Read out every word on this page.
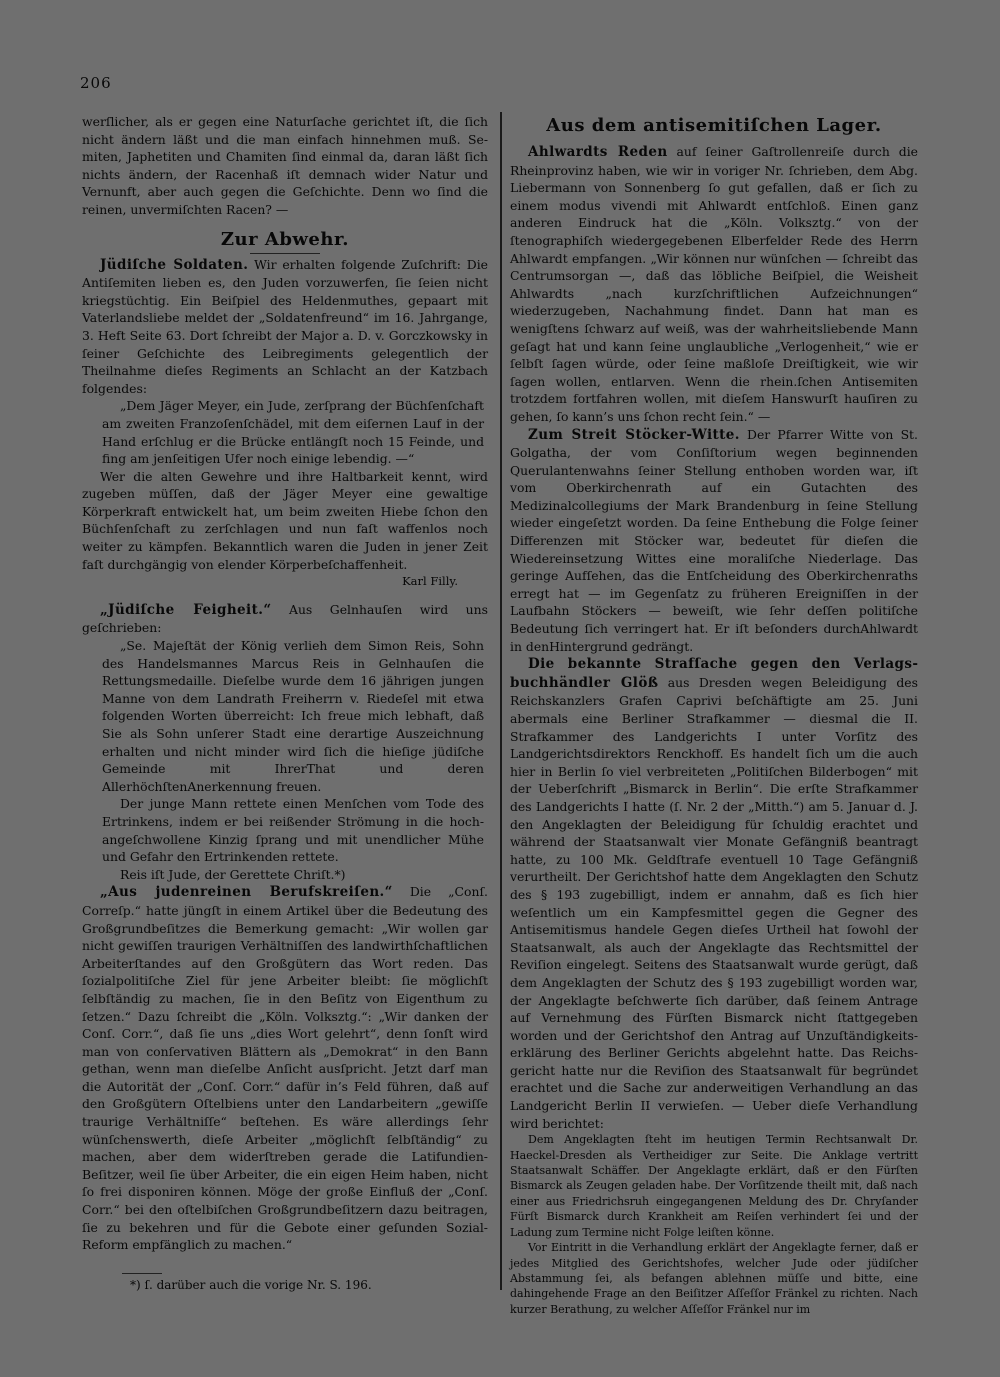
206

werſlicher, als er gegen eine Naturſache gerichtet iſt, die ſich nicht ändern läßt und die man einfach hinnehmen muß. Semiten, Japhetiten und Chamiten ſind einmal da, daran läßt ſich nichts ändern, der Racenhaß iſt demnach wider Natur und Vernunft, aber auch gegen die Geſchichte. Denn wo ſind die reinen, unvermiſchten Racen? —

Zur Abwehr.

Jüdiſche Soldaten. Wir erhalten folgende Zuſchrift: Die Antіſemiten lieben es, den Juden vorzuwerfen, ſie ſeien nicht kriegstüchtig. Ein Beiſpiel des Heldenmuthes, gepaart mit Vaterlandsliebe meldet der „Soldatenfreund“ im 16. Jahrgange, 3. Heft Seite 63. Dort ſchreibt der Major a. D. v. Gorczkowsky in ſeiner Geſchichte des Leibregiments gelegentlich der Theilnahme dieſes Regiments an Schlacht an der Katzbach folgendes:

„Dem Jäger Meyer, ein Jude, zerſprang der Büchſenſchaft am zweiten Franzoſenſchädel, mit dem eiſernen Lauf in der Hand erſchlug er die Brücke entlängſt noch 15 Feinde, und fing am jenſeitigen Ufer noch einige lebendig. —“

Wer die alten Gewehre und ihre Haltbarkeit kennt, wird zugeben müſſen, daß der Jäger Meyer eine gewaltige Körperkraft entwickelt hat, um beim zweiten Hiebe ſchon den Büchſenſchaft zu zerſchlagen und nun faſt waffenlos noch weiter zu kämpfen. Bekanntlich waren die Juden in jener Zeit faſt durchgängig von elender Körperbeſchaffenheit.

Karl Filly.

„Jüdiſche Feigheit.“ Aus Gelnhauſen wird uns geſchrieben:

„Se. Majeſtät der König verlieh dem Simon Reis, Sohn des Handelsmannes Marcus Reis in Gelnhauſen die Rettungsmedaille. Dieſelbe wurde dem 16 jährigen jungen Manne von dem Landrath Freiherrn v. Riedeſel mit etwa folgenden Worten überreicht: Ich freue mich lebhaft, daß Sie als Sohn unſerer Stadt eine derartige Auszeichnung erhalten und nicht minder wird ſich die hieſige jüdiſche Gemeinde mit IhrerThat und deren AllerhöchſtenAnerkennung freuen.

Der junge Mann rettete einen Menſchen vom Tode des Ertrinkens, indem er bei reißender Strömung in die hochangeſchwollene Kinzig ſprang und mit unendlicher Mühe und Gefahr den Ertrinkenden rettete.

Reis iſt Jude, der Gerettete Chriſt.*)

„Aus judenreinen Berufskreiſen.“ Die „Conſ. Correſp.“ hatte jüngſt in einem Artikel über die Bedeutung des Großgrundbeſitzes die Bemerkung gemacht: „Wir wollen gar nicht gewiſſen traurigen Verhältniſſen des landwirthſchaftlichen Arbeiterſtandes auf den Großgütern das Wort reden. Das ſozialpolitiſche Ziel für jene Arbeiter bleibt: ſie möglichſt ſelbſtändig zu machen, ſie in den Beſitz von Eigenthum zu ſetzen.“ Dazu ſchreibt die „Köln. Volksztg.“: „Wir danken der Conſ. Corr.“, daß ſie uns „dies Wort gelehrt“, denn ſonſt wird man von conſervativen Blättern als „Demokrat“ in den Bann gethan, wenn man dieſelbe Anſicht ausſpricht. Jetzt darf man die Autorität der „Conſ. Corr.“ dafür in’s Feld führen, daß auf den Großgütern Oſtelbiens unter den Landarbeitern „gewiſſe traurige Verhältniſſe“ beſtehen. Es wäre allerdings ſehr wünſchenswerth, dieſe Arbeiter „möglichſt ſelbſtändig“ zu machen, aber dem widerſtreben gerade die Latifundien-Beſitzer, weil ſie über Arbeiter, die ein eigen Heim haben, nicht ſo frei disponiren können. Möge der große Einfluß der „Conſ. Corr.“ bei den oſtelbiſchen Großgrundbeſitzern dazu beitragen, ſie zu bekehren und für die Gebote einer geſunden Sozial-Reform empfänglich zu machen.“

Aus dem antisemitiſchen Lager.

Ahlwardts Reden auf ſeiner Gaſtrollenreiſe durch die Rheinprovinz haben, wie wir in voriger Nr. ſchrieben, dem Abg. Liebermann von Sonnenberg ſo gut gefallen, daß er ſich zu einem modus vivendi mit Ahlwardt entſchloß. Einen ganz anderen Eindruck hat die „Köln. Volksztg.“ von der ſtenographiſch wiedergegebenen Elberfelder Rede des Herrn Ahlwardt empfangen. „Wir können nur wünſchen — ſchreibt das Centrumsorgan —, daß das löbliche Beiſpiel, die Weisheit Ahlwardts „nach kurzſchriftlichen Aufzeichnungen“ wiederzugeben, Nachahmung findet. Dann hat man es wenigſtens ſchwarz auf weiß, was der wahrheitsliebende Mann geſagt hat und kann ſeine unglaubliche „Verlogenheit,“ wie er ſelbſt ſagen würde, oder ſeine maßloſe Dreiſtigkeit, wie wir ſagen wollen, entlarven. Wenn die rhein.ſchen Antisemiten trotzdem fortfahren wollen, mit dieſem Hanswurſt hauſiren zu gehen, ſo kann’s uns ſchon recht ſein.“ —

Zum Streit Stöcker-Witte. Der Pfarrer Witte von St. Golgatha, der vom Conſiſtorium wegen beginnenden Querulantenwahns ſeiner Stellung enthoben worden war, iſt vom Oberkirchenrath auf ein Gutachten des Medizinalcollegiums der Mark Brandenburg in ſeine Stellung wieder eingeſetzt worden. Da ſeine Enthebung die Folge ſeiner Differenzen mit Stöcker war, bedeutet für dieſen die Wiedereinsetzung Wittes eine moraliſche Niederlage. Das geringe Aufſehen, das die Entſcheidung des Oberkirchenraths erregt hat — im Gegenſatz zu früheren Ereigniſſen in der Laufbahn Stöckers — beweiſt, wie ſehr deſſen politiſche Bedeutung ſich verringert hat. Er iſt beſonders durchAhlwardt in denHintergrund gedrängt.

Die bekannte Strafſache gegen den Verlagsbuchhändler Glöß aus Dresden wegen Beleidigung des Reichskanzlers Grafen Caprivi beſchäftigte am 25. Juni abermals eine Berliner Strafkammer — diesmal die II. Strafkammer des Landgerichts I unter Vorſitz des Landgerichtsdirektors Renckhoff. Es handelt ſich um die auch hier in Berlin ſo viel verbreiteten „Politiſchen Bilderbogen“ mit der Ueberſchrift „Bismarck in Berlin“. Die erſte Strafkammer des Landgerichts I hatte (ſ. Nr. 2 der „Mitth.“) am 5. Januar d. J. den Angeklagten der Beleidigung für ſchuldig erachtet und während der Staatsanwalt vier Monate Gefängniß beantragt hatte, zu 100 Mk. Geldſtrafe eventuell 10 Tage Gefängniß verurtheilt. Der Gerichtshof hatte dem Angeklagten den Schutz des § 193 zugebilligt, indem er annahm, daß es ſich hier weſentlich um ein Kampfesmittel gegen die Gegner des Antisemitismus handele Gegen dieſes Urtheil hat ſowohl der Staatsanwalt, als auch der Angeklagte das Rechtsmittel der Reviſion eingelegt. Seitens des Staatsanwalt wurde gerügt, daß dem Angeklagten der Schutz des § 193 zugebilligt worden war, der Angeklagte beſchwerte ſich darüber, daß ſeinem Antrage auf Vernehmung des Fürſten Bismarck nicht ſtattgegeben worden und der Gerichtshof den Antrag auf Unzuſtändigkeitserklärung des Berliner Gerichts abgelehnt hatte. Das Reichsgericht hatte nur die Reviſion des Staatsanwalt für begründet erachtet und die Sache zur anderweitigen Verhandlung an das Landgericht Berlin II verwieſen. — Ueber dieſe Verhandlung wird berichtet:

Dem Angeklagten ſteht im heutigen Termin Rechtsanwalt Dr. Haeckel-Dresden als Vertheidiger zur Seite. Die Anklage vertritt Staatsanwalt Schäffer. Der Angeklagte erklärt, daß er den Fürſten Bismarck als Zeugen geladen habe. Der Vorſitzende theilt mit, daß nach einer aus Friedrichsruh eingegangenen Meldung des Dr. Chryſander Fürſt Bismarck durch Krankheit am Reiſen verhindert ſei und der Ladung zum Termine nicht Folge leiſten könne.

Vor Eintritt in die Verhandlung erklärt der Angeklagte ferner, daß er jedes Mitglied des Gerichtshofes, welcher Jude oder jüdiſcher Abstammung ſei, als befangen ablehnen müſſe und bitte, eine dahingehende Frage an den Beiſitzer Aſſeſſor Fränkel zu richten. Nach kurzer Berathung, zu welcher Aſſeſſor Fränkel nur im

*) ſ. darüber auch die vorige Nr. S. 196.
